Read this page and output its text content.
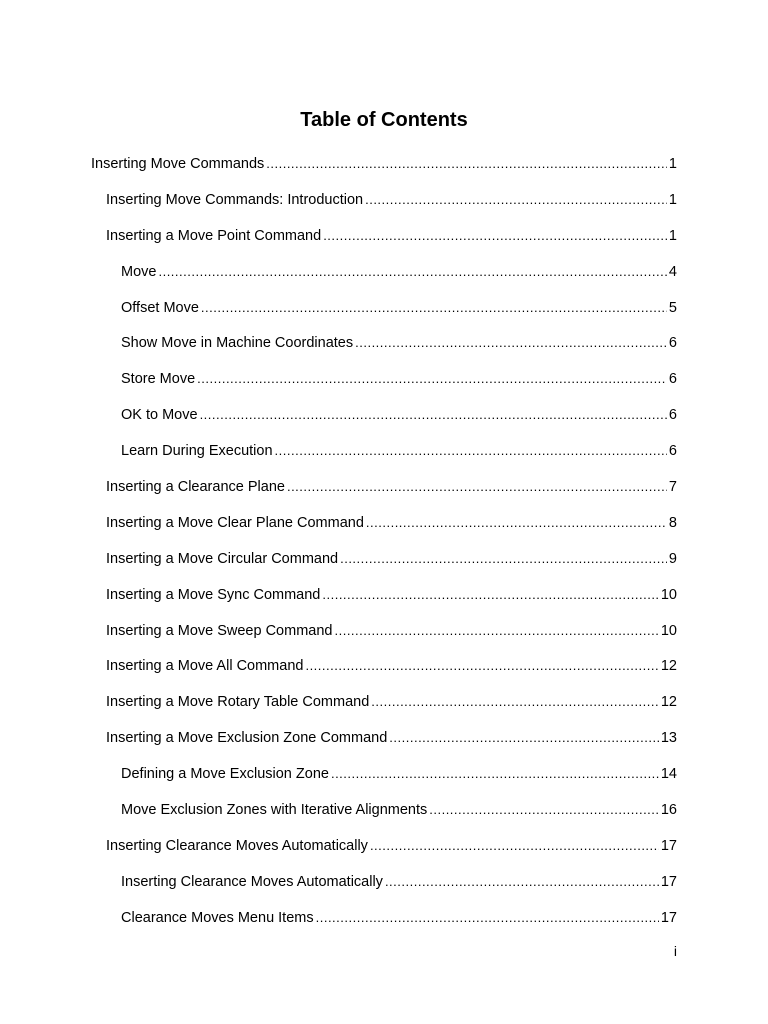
Table of Contents
Inserting Move Commands .....	1
Inserting Move Commands: Introduction .....	1
Inserting a Move Point Command .....	1
Move .....	4
Offset Move .....	5
Show Move in Machine Coordinates .....	6
Store Move .....	6
OK to Move .....	6
Learn During Execution .....	6
Inserting a Clearance Plane .....	7
Inserting a Move Clear Plane Command .....	8
Inserting a Move Circular Command .....	9
Inserting a Move Sync Command .....	10
Inserting a Move Sweep Command .....	10
Inserting a Move All Command .....	12
Inserting a Move Rotary Table Command .....	12
Inserting a Move Exclusion Zone Command .....	13
Defining a Move Exclusion Zone .....	14
Move Exclusion Zones with Iterative Alignments .....	16
Inserting Clearance Moves Automatically .....	17
Inserting Clearance Moves Automatically .....	17
Clearance Moves Menu Items .....	17
i
